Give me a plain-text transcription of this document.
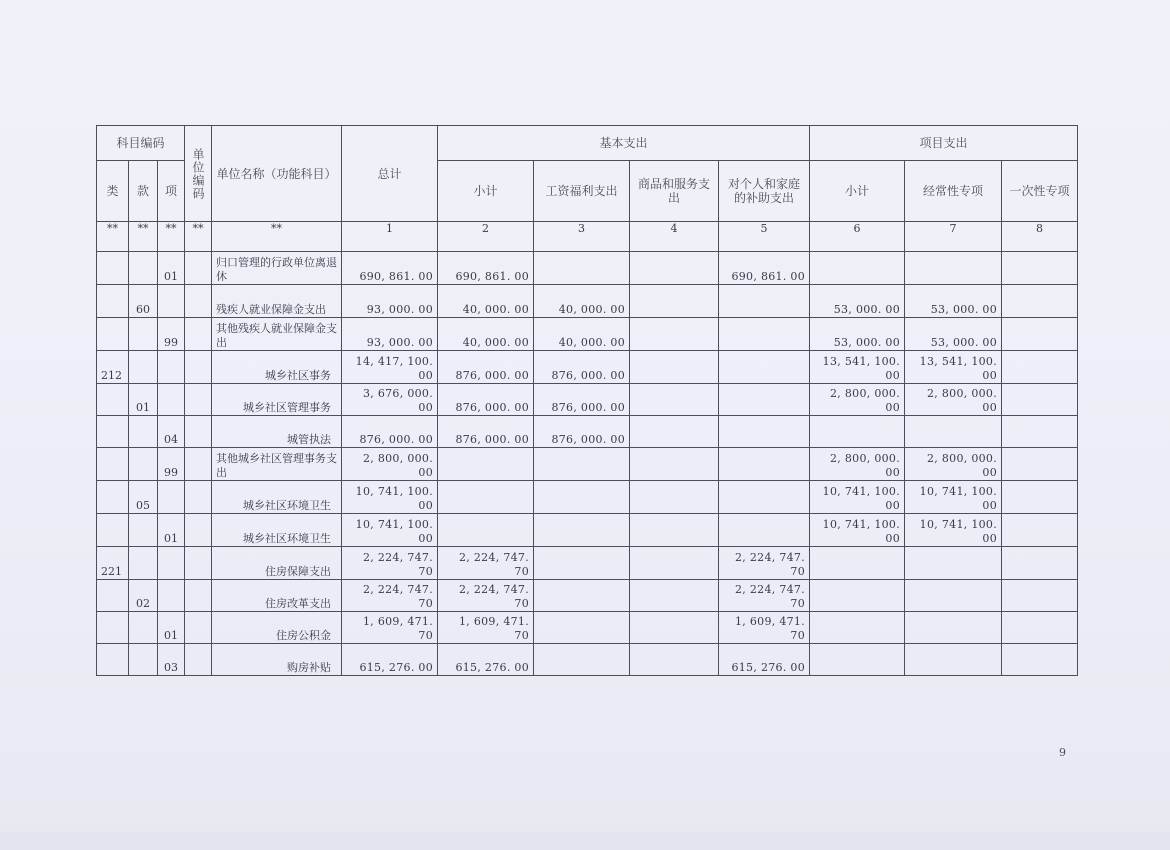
科目编码			单位编码	单位名称（功能科目）	总计	基本支出				项目支出		
类	款	项				小计	工资福利支出	商品和服务支出	对个人和家庭的补助支出	小计	经常性专项	一次性专项
**	**	**	**	**	1	2	3	4	5	6	7	8
		01		归口管理的行政单位离退休	690, 861. 00	690, 861. 00			690, 861. 00			
	60			残疾人就业保障金支出	93, 000. 00	40, 000. 00	40, 000. 00			53, 000. 00	53, 000. 00	
		99		其他残疾人就业保障金支出	93, 000. 00	40, 000. 00	40, 000. 00			53, 000. 00	53, 000. 00	
212				城乡社区事务	14, 417, 100. 00	876, 000. 00	876, 000. 00			13, 541, 100. 00	13, 541, 100. 00	
	01			城乡社区管理事务	3, 676, 000. 00	876, 000. 00	876, 000. 00			2, 800, 000. 00	2, 800, 000. 00	
		04		城管执法	876, 000. 00	876, 000. 00	876, 000. 00					
		99		其他城乡社区管理事务支出	2, 800, 000. 00					2, 800, 000. 00	2, 800, 000. 00	
	05			城乡社区环境卫生	10, 741, 100. 00					10, 741, 100. 00	10, 741, 100. 00	
		01		城乡社区环境卫生	10, 741, 100. 00					10, 741, 100. 00	10, 741, 100. 00	
221				住房保障支出	2, 224, 747. 70	2, 224, 747. 70			2, 224, 747. 70			
	02			住房改革支出	2, 224, 747. 70	2, 224, 747. 70			2, 224, 747. 70			
		01		住房公积金	1, 609, 471. 70	1, 609, 471. 70			1, 609, 471. 70			
		03		购房补贴	615, 276. 00	615, 276. 00			615, 276. 00			
9
